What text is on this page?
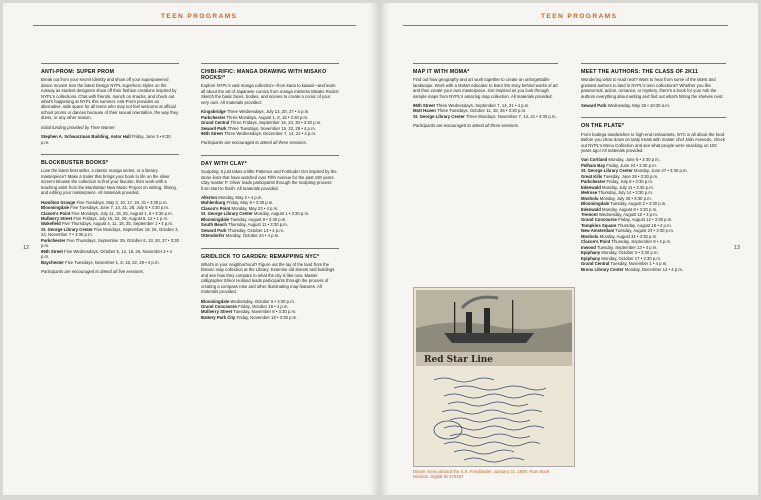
TEEN PROGRAMS
12
ANTI-PROM: SUPER PROM

Break out from your secret identity and show off your superpowered dance moves! See the latest Design NYPL superhero styles on the runway as student designers show off their fashion creations inspired by NYPL's collections. Chat with friends, munch on snacks, and check out what's happening at NYPL this summer. Anti-Prom provides an alternative, safe space for all teens who may not feel welcome at official school proms or dances because of their sexual orientation, the way they dress, or any other reason.

Initial funding provided by Time Warner

Stephen A. Schwarzman Building, Astor Hall Friday, June 3 • 6:30 p.m.

BLOCKBUSTER BOOKS*

Love the latest best seller, a classic manga series, or a literary masterpiece? Make a trailer that brings your book to life on the silver screen! Browse the collection to find your favorite, then work with a teaching artist from the Manhattan New Music Project on writing, filming, and editing your masterpiece. All materials provided.

Hamilton Grange Five Tuesdays, May 3, 10, 17, 24, 31 • 3:30 p.m.

Bloomingdale Five Tuesdays, June 7, 14, 21, 28, July 5 • 3:30 p.m.

Clason's Point Five Mondays, July 11, 18, 25, August 1, 8 • 3:30 p.m.

Mulberry Street Five Fridays, July 15, 22, 29, August 5, 12 • 1 p.m.

Wakefield Five Thursdays, August 4, 11, 18, 25, September 1 • 4 p.m.

St. George Library Center Five Mondays, September 19, 26, October 3, 24, November 7 • 3:30 p.m.

Parkchester Five Thursdays, September 29, October 6, 13, 20, 27 • 3:30 p.m.

96th Street Five Wednesdays, October 5, 12, 19, 26, November 2 • 4 p.m.

Baychester Five Tuesdays, November 1, 8, 15, 22, 29 • 4 p.m.

Participants are encouraged to attend all five sessions.

CHIBI-RIFIC: MANGA DRAWING WITH MISAKO ROCKS!*

Explore NYPL's vast manga collection—from kana to kawaii—and learn all about the art of Japanese comics from manga mistress Misako Rocks! Sketch the basic faces, bodies, and scenes to create a comic of your very own. All materials provided.

Kingsbridge Three Wednesdays, July 13, 20, 27 • 4 p.m.

Parkchester Three Mondays, August 1, 8, 15 • 3:30 p.m.

Grand Central Three Fridays, September 16, 23, 30 • 3:30 p.m.

Seward Park Three Tuesdays, November 15, 22, 29 • 4 p.m.

96th Street Three Wednesdays, December 7, 14, 21 • 4 p.m.

Participants are encouraged to attend all three sessions.

DAY WITH CLAY*

Sculpting: It just takes a little Patience and Fortitude! Get inspired by the stone lions that have watched over Fifth Avenue for the past 100 years. Clay master P. Oliver leads participants through the sculpting process from start to finish. All materials provided.

Allerton Monday, May 2 • 4 p.m.

Muhlenburg Friday, May 6 • 3:30 p.m.

Clason's Point Monday, May 23 • 4 p.m.

St. George Library Center Monday, August 1 • 3:30 p.m.

Bloomingdale Tuesday, August 9 • 3:30 p.m.

South Beach Thursday, August 11 • 3:30 p.m.

Seward Park Thursday, October 13 • 4 p.m.

Ottendorfer Monday, October 24 • 4 p.m.

GRIDLOCK TO GARDEN: REMAPPING NYC*

What's in your neighborhood? Figure out the lay of the land from the historic map collection at the Library. Examine old streets and buildings and see how they compare to what the city is like now. Master calligrapher Elinor Holland leads participants through the process of creating a compass rose and other illuminating map features. All materials provided.

Bloomingdale Wednesday, October 5 • 3:30 p.m.

Grand Concourse Friday, October 19 • 4 p.m.

Mulberry Street Tuesday, November 8 • 3:30 p.m.

Battery Park City Friday, November 18 • 3:30 p.m.

TEEN PROGRAMS
13
MAP IT WITH MOMA*

Find out how geography and art work together to create an unforgettable landscape. Work with a MoMA educator to learn the story behind works of art and then create your own masterpiece. Get inspired as you look through sample maps from NYPL's amazing map collection. All materials provided.

96th Street Three Wednesdays, September 7, 14, 21 • 4 p.m.

Mott Haven Three Tuesdays, October 11, 18, 25 • 3:30 p.m.

St. George Library Center Three Mondays, November 7, 14, 21 • 3:30 p.m.

Participants are encouraged to attend all three sessions.

MEET THE AUTHORS: THE CLASS OF 2K11

Wondering what to read next? Want to hear from some of the latest and greatest authors to land in NYPL's teen collections? Whether you like paranormal, action, romance, or mystery, there's a book for you! Ask the authors everything about writing and find out what's hitting the shelves next.

Seward Park Wednesday, May 25 • 10:30 a.m.

ON THE PLATE*

From bodega sandwiches to high-end restaurants, NYC is all about the food. Before you chow down on tasty treats with master chef Jalin Acevedo, check out NYPL's Menu Collection and see what people were snacking on 100 years ago! All materials provided.

Van Cortland Monday, June 6 • 3:30 p.m.

Pelham Bay Friday, June 24 • 3:30 p.m.

St. George Library Center Monday, June 27 • 3:30 p.m.

Great Kills Tuesday, June 28 • 3:30 p.m.

Parkchester Friday, July 8 • 3:30 p.m.

Edenwald Monday, July 11 • 3:30 p.m.

Melrose Thursday, July 14 • 3:30 p.m.

Mosholu Monday, July 25 • 3:30 p.m.

Bloomingdale Tuesday, August 2 • 3:30 p.m.

Edenwald Monday, August 8 • 3:30 p.m.

Tremont Wednesday, August 10 • 3 p.m.

Grand Concourse Friday, August 12 • 3:30 p.m.

Tompkins Square Thursday, August 18 • 4 p.m.

New Amsterdam Tuesday, August 23 • 3:30 p.m.

Mosholu Monday, August 31 • 3:30 p.m.

Clason's Point Thursday, September 8 • 4 p.m.

Inwood Tuesday, September 13 • 4 p.m.

Epiphany Monday, October 3 • 3:30 p.m.

Epiphany Monday, October 17 • 3:30 p.m.

Grand Central Tuesday, November 1 • 4 p.m.

Bronx Library Center Monday, December 12 • 4 p.m.

Red Star Line
Dinner menu aboard the S.S. Friedlander, January 31, 1900. Rare Book Division. Digital ID 475457
